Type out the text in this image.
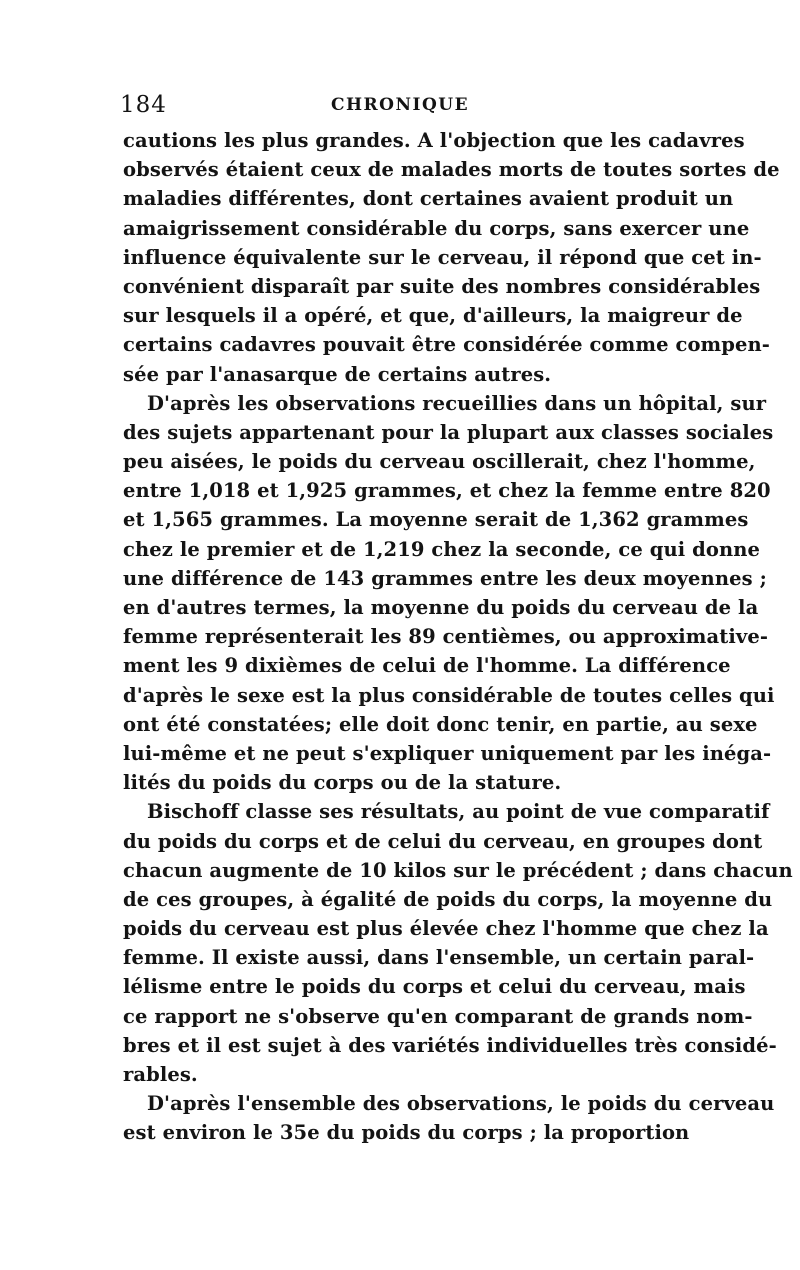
184	CHRONIQUE
cautions les plus grandes. A l'objection que les cadavres
observés étaient ceux de malades morts de toutes sortes de
maladies différentes, dont certaines avaient produit un
amaigrissement considérable du corps, sans exercer une
influence équivalente sur le cerveau, il répond que cet in-
convénient disparaît par suite des nombres considérables
sur lesquels il a opéré, et que, d'ailleurs, la maigreur de
certains cadavres pouvait être considérée comme compen-
sée par l'anasarque de certains autres.
D'après les observations recueillies dans un hôpital, sur
des sujets appartenant pour la plupart aux classes sociales
peu aisées, le poids du cerveau oscillerait, chez l'homme,
entre 1,018 et 1,925 grammes, et chez la femme entre 820
et 1,565 grammes. La moyenne serait de 1,362 grammes
chez le premier et de 1,219 chez la seconde, ce qui donne
une différence de 143 grammes entre les deux moyennes ;
en d'autres termes, la moyenne du poids du cerveau de la
femme représenterait les 89 centièmes, ou approximative-
ment les 9 dixièmes de celui de l'homme. La différence
d'après le sexe est la plus considérable de toutes celles qui
ont été constatées; elle doit donc tenir, en partie, au sexe
lui-même et ne peut s'expliquer uniquement par les inéga-
lités du poids du corps ou de la stature.
Bischoff classe ses résultats, au point de vue comparatif
du poids du corps et de celui du cerveau, en groupes dont
chacun augmente de 10 kilos sur le précédent ; dans chacun
de ces groupes, à égalité de poids du corps, la moyenne du
poids du cerveau est plus élevée chez l'homme que chez la
femme. Il existe aussi, dans l'ensemble, un certain paral-
lélisme entre le poids du corps et celui du cerveau, mais
ce rapport ne s'observe qu'en comparant de grands nom-
bres et il est sujet à des variétés individuelles très considé-
rables.
D'après l'ensemble des observations, le poids du cerveau
est environ le 35e du poids du corps ; la proportion
